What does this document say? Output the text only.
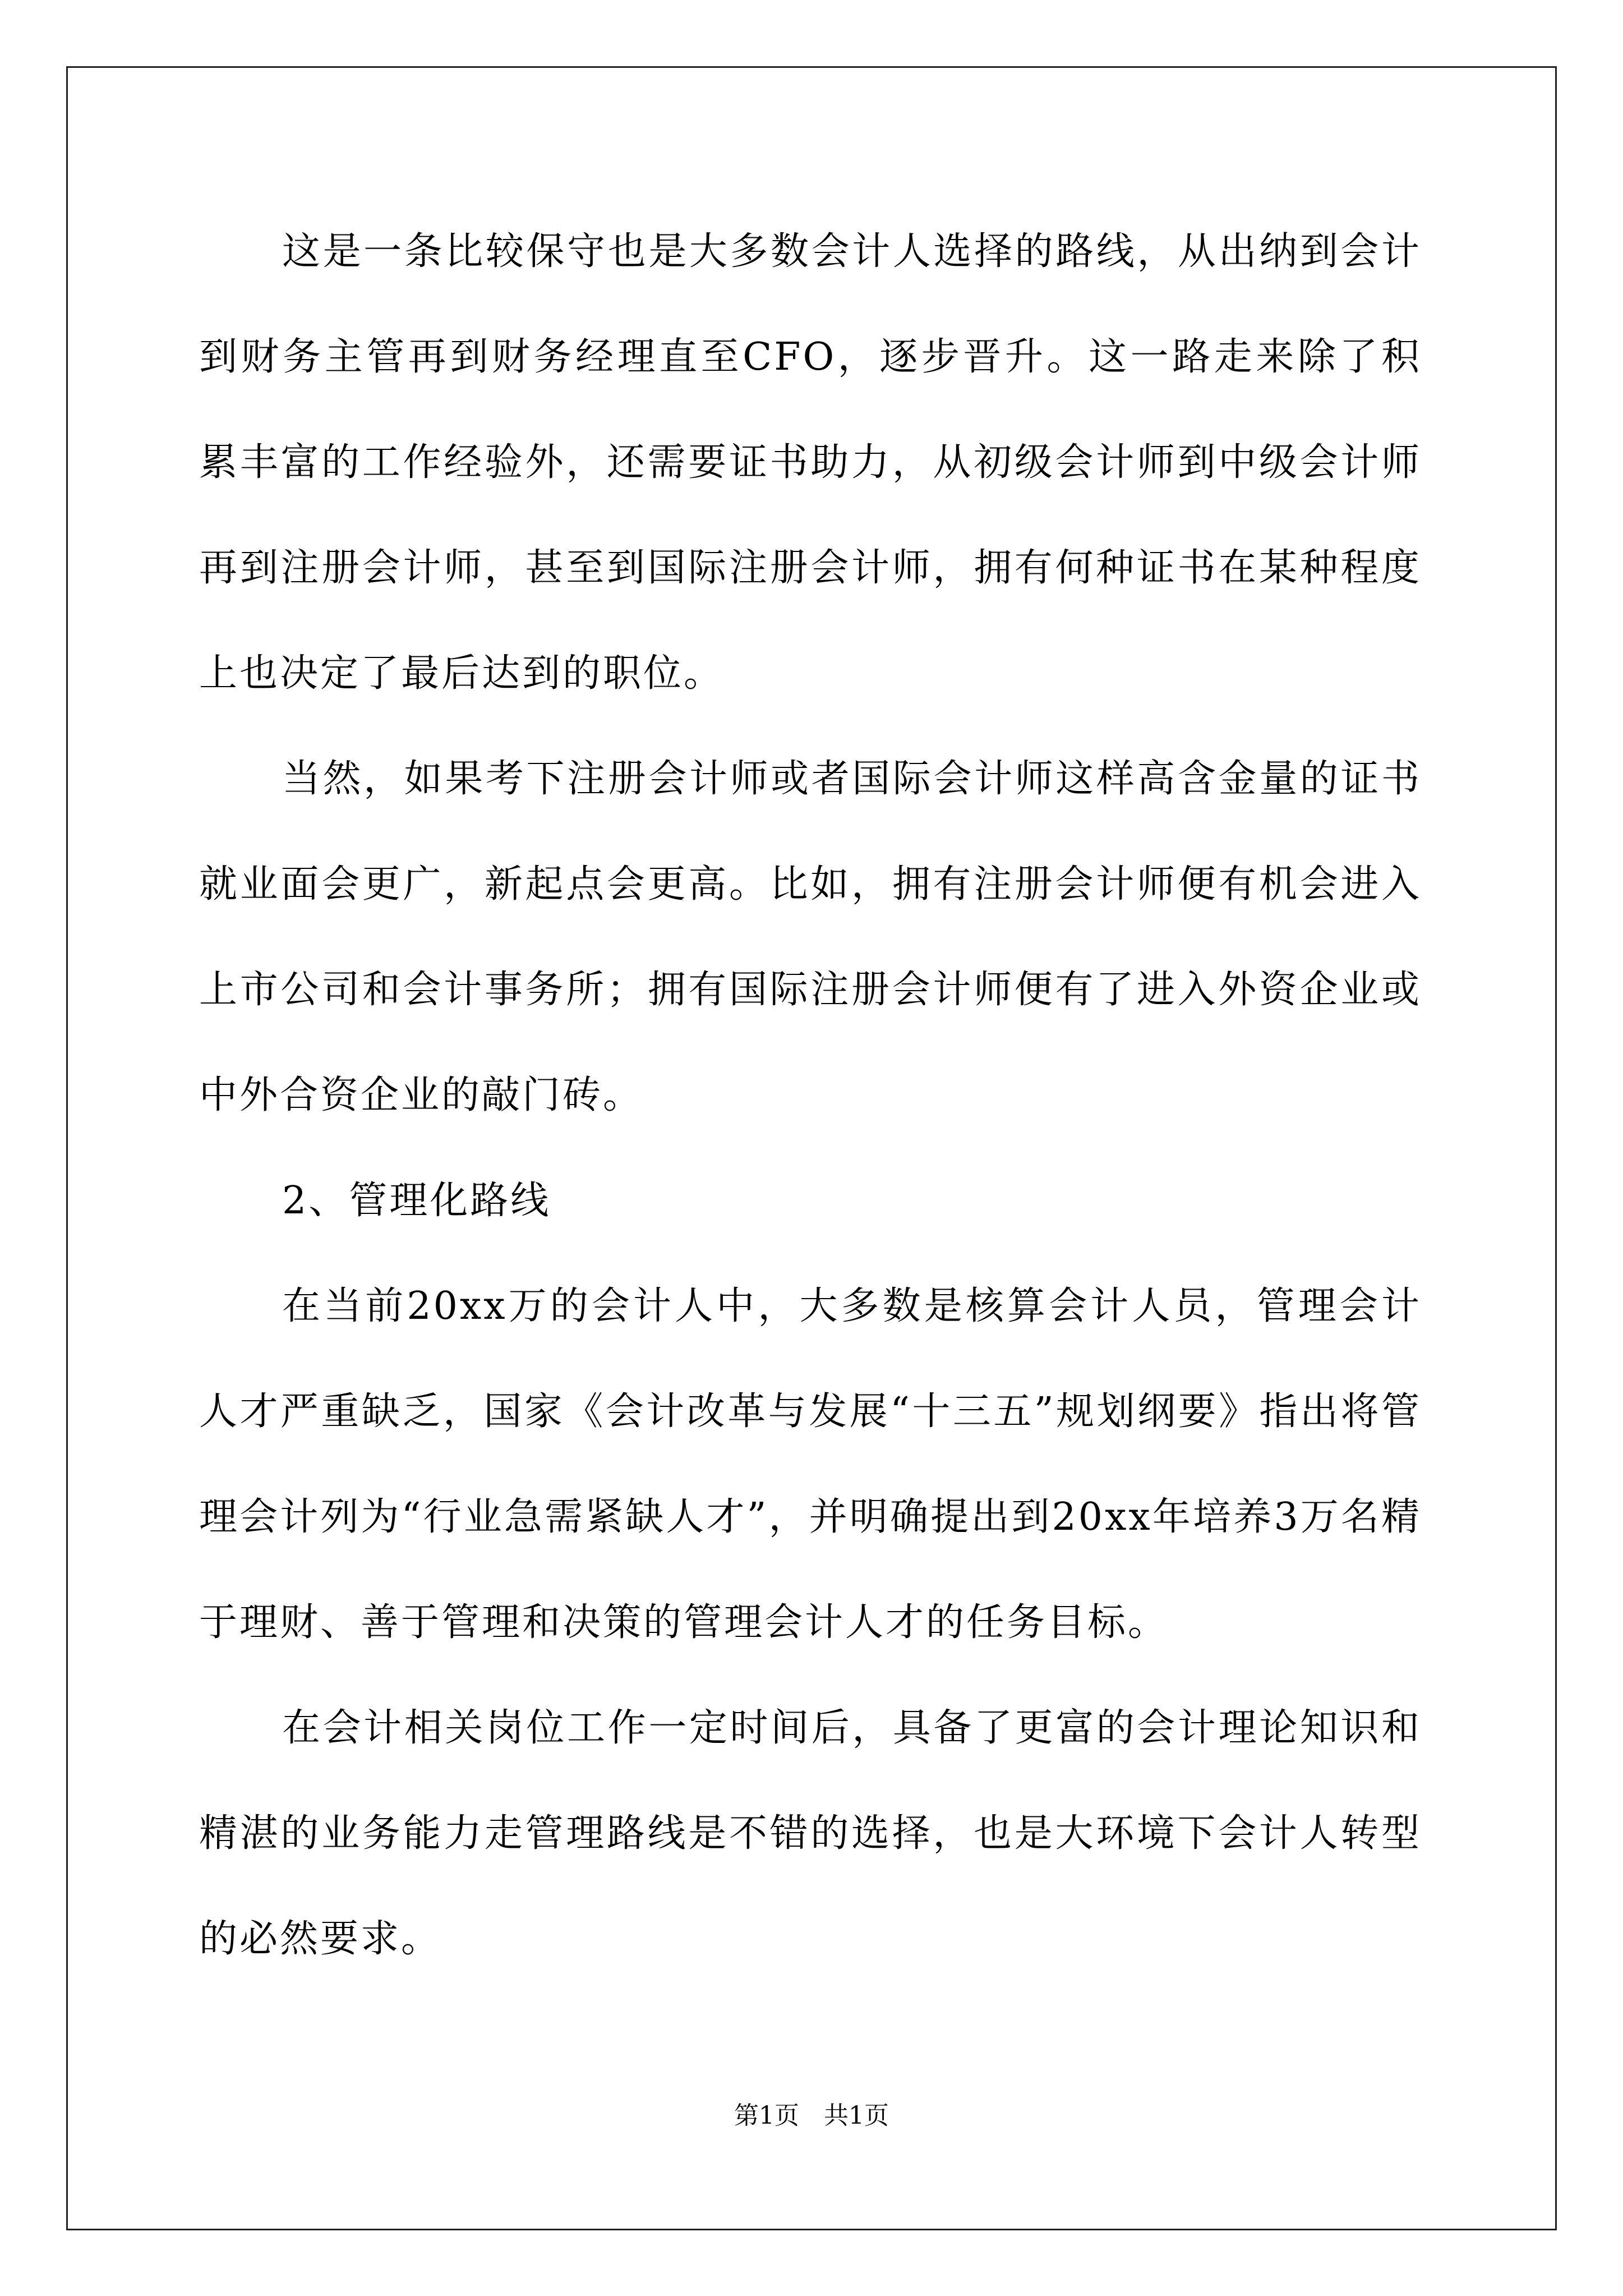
这是一条比较保守也是大多数会计人选择的路线，从出纳到会计到财务主管再到财务经理直至CFO，逐步晋升。这一路走来除了积累丰富的工作经验外，还需要证书助力，从初级会计师到中级会计师再到注册会计师，甚至到国际注册会计师，拥有何种证书在某种程度上也决定了最后达到的职位。

当然，如果考下注册会计师或者国际会计师这样高含金量的证书就业面会更广，新起点会更高。比如，拥有注册会计师便有机会进入上市公司和会计事务所；拥有国际注册会计师便有了进入外资企业或中外合资企业的敲门砖。

2、管理化路线

在当前20xx万的会计人中，大多数是核算会计人员，管理会计人才严重缺乏，国家《会计改革与发展“十三五”规划纲要》指出将管理会计列为“行业急需紧缺人才”，并明确提出到20xx年培养3万名精于理财、善于管理和决策的管理会计人才的任务目标。

在会计相关岗位工作一定时间后，具备了更富的会计理论知识和精湛的业务能力走管理路线是不错的选择，也是大环境下会计人转型的必然要求。

第1页 共1页
